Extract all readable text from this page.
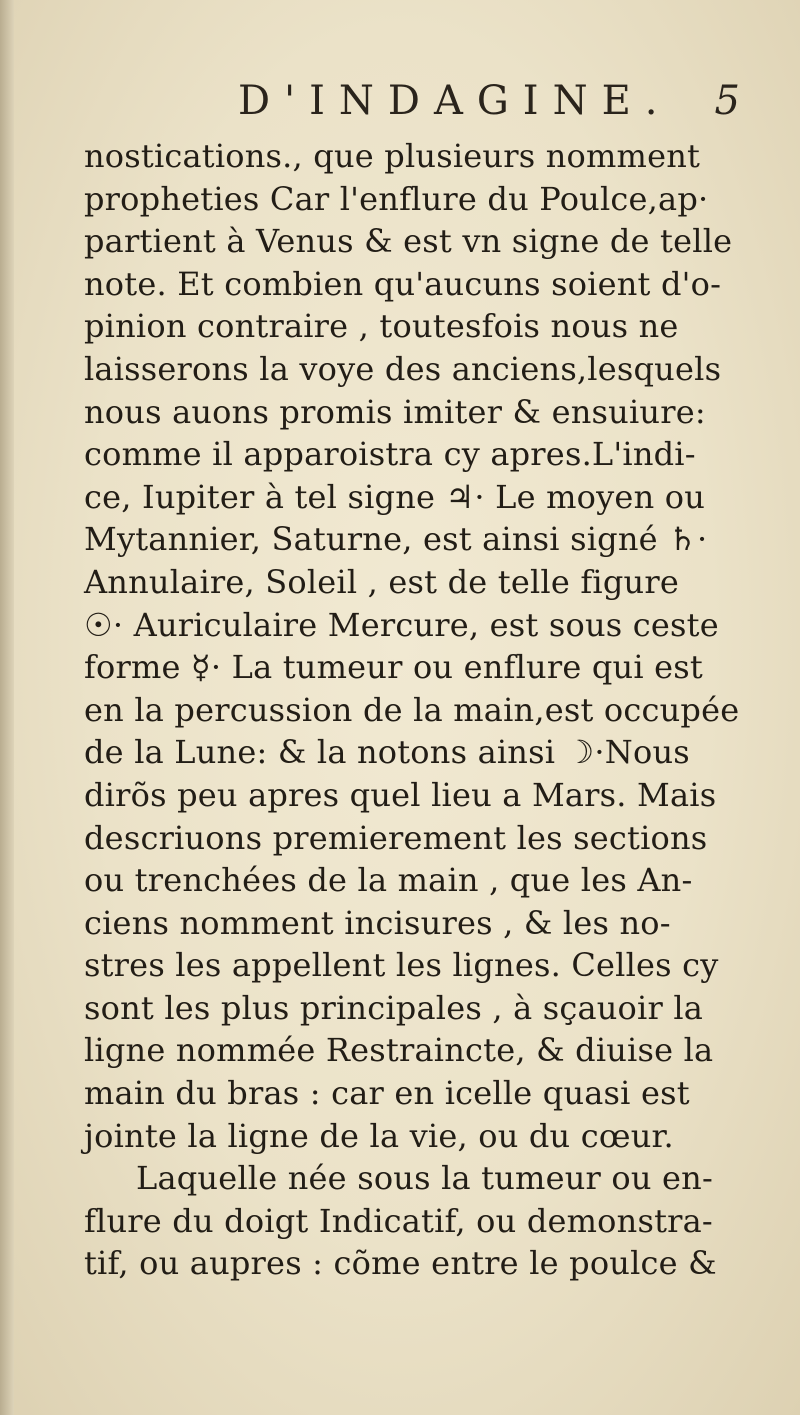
D'INDAGINE. 5
nostications., que plusieurs nomment
propheties Car l'enflure du Poulce,ap·
partient à Venus & est vn signe de telle
note. Et combien qu'aucuns soient d'o-
pinion contraire , toutesfois nous ne
laisserons la voye des anciens,lesquels
nous auons promis imiter & ensuiure:
comme il apparoistra cy apres.L'indi-
ce, Iupiter à tel signe ♃· Le moyen ou
Mytannier, Saturne, est ainsi signé ♄·
Annulaire, Soleil , est de telle figure
☉· Auriculaire Mercure, est sous ceste
forme ☿· La tumeur ou enflure qui est
en la percussion de la main,est occupée
de la Lune: & la notons ainsi ☽·Nous
dirõs peu apres quel lieu a Mars. Mais
descriuons premierement les sections
ou trenchées de la main , que les An-
ciens nomment incisures , & les no-
stres les appellent les lignes. Celles cy
sont les plus principales , à sçauoir la
ligne nommée Restraincte, & diuise la
main du bras : car en icelle quasi est
jointe la ligne de la vie, ou du cœur.
Laquelle née sous la tumeur ou en-
flure du doigt Indicatif, ou demonstra-
tif, ou aupres : cõme entre le poulce &
